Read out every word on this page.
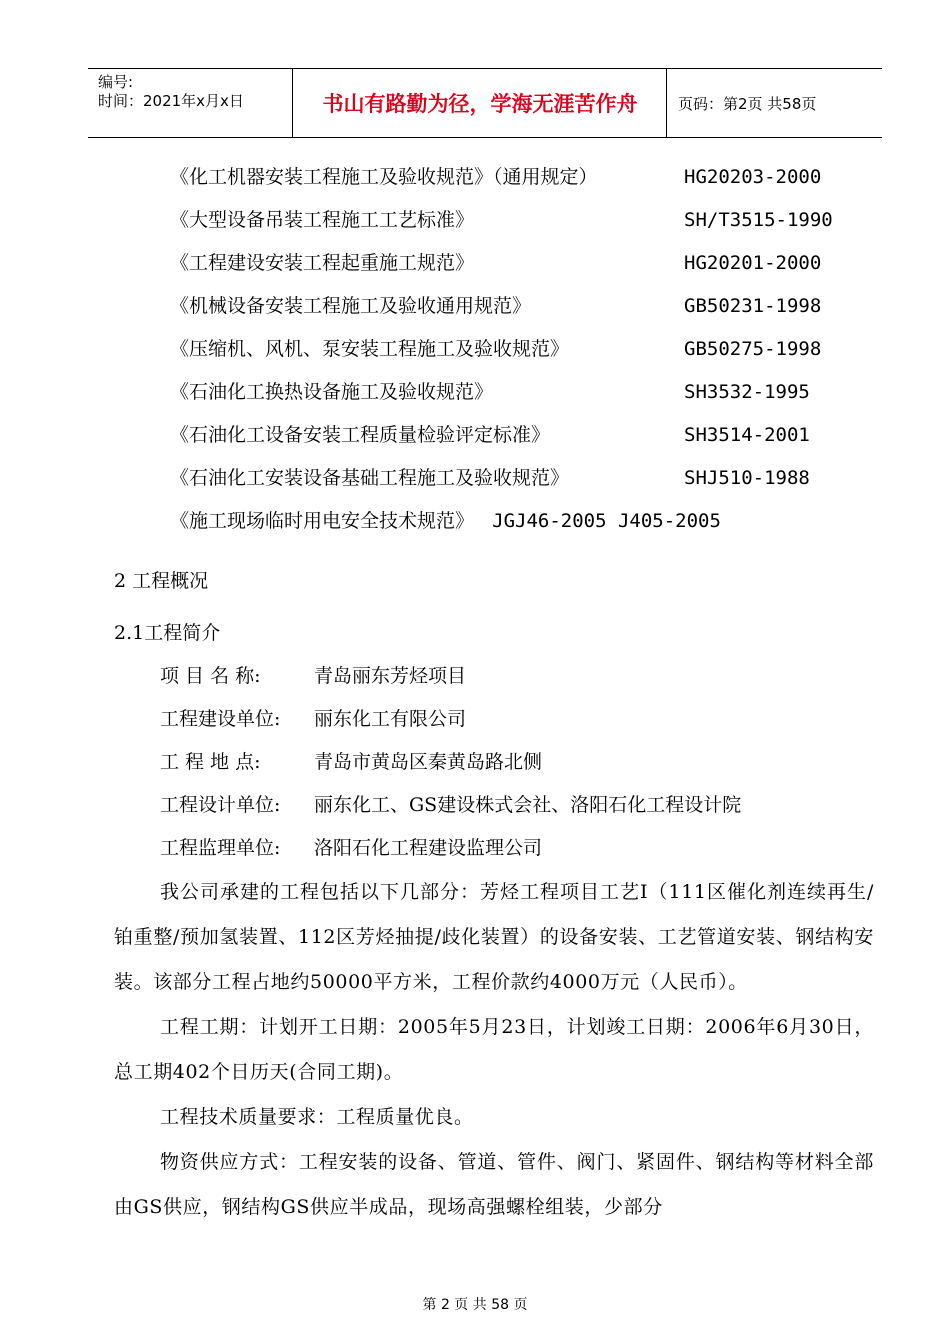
编号:
时间：2021年x月x日	书山有路勤为径，学海无涯苦作舟	页码：第2页 共58页
《化工机器安装工程施工及验收规范》（通用规定）	HG20203-2000
《大型设备吊装工程施工工艺标准》	SH/T3515-1990
《工程建设安装工程起重施工规范》	HG20201-2000
《机械设备安装工程施工及验收通用规范》	GB50231-1998
《压缩机、风机、泵安装工程施工及验收规范》	GB50275-1998
《石油化工换热设备施工及验收规范》	SH3532-1995
《石油化工设备安装工程质量检验评定标准》	SH3514-2001
《石油化工安装设备基础工程施工及验收规范》	SHJ510-1988
《施工现场临时用电安全技术规范》 JGJ46-2005 J405-2005
2 工程概况
2.1工程简介
项 目 名 称:	青岛丽东芳烃项目
工程建设单位: 丽东化工有限公司
工 程 地 点:	青岛市黄岛区秦黄岛路北侧
工程设计单位: 丽东化工、GS建设株式会社、洛阳石化工程设计院
工程监理单位: 洛阳石化工程建设监理公司

我公司承建的工程包括以下几部分：芳烃工程项目工艺Ⅰ（111区催化剂连续再生/铂重整/预加氢装置、112区芳烃抽提/歧化装置）的设备安装、工艺管道安装、钢结构安装。该部分工程占地约50000平方米，工程价款约4000万元（人民币）。

工程工期：计划开工日期：2005年5月23日，计划竣工日期：2006年6月30日，总工期402个日历天(合同工期)。

工程技术质量要求：工程质量优良。

物资供应方式：工程安装的设备、管道、管件、阀门、紧固件、钢结构等材料全部由GS供应，钢结构GS供应半成品，现场高强螺栓组装，少部分

第 2 页 共 58 页
